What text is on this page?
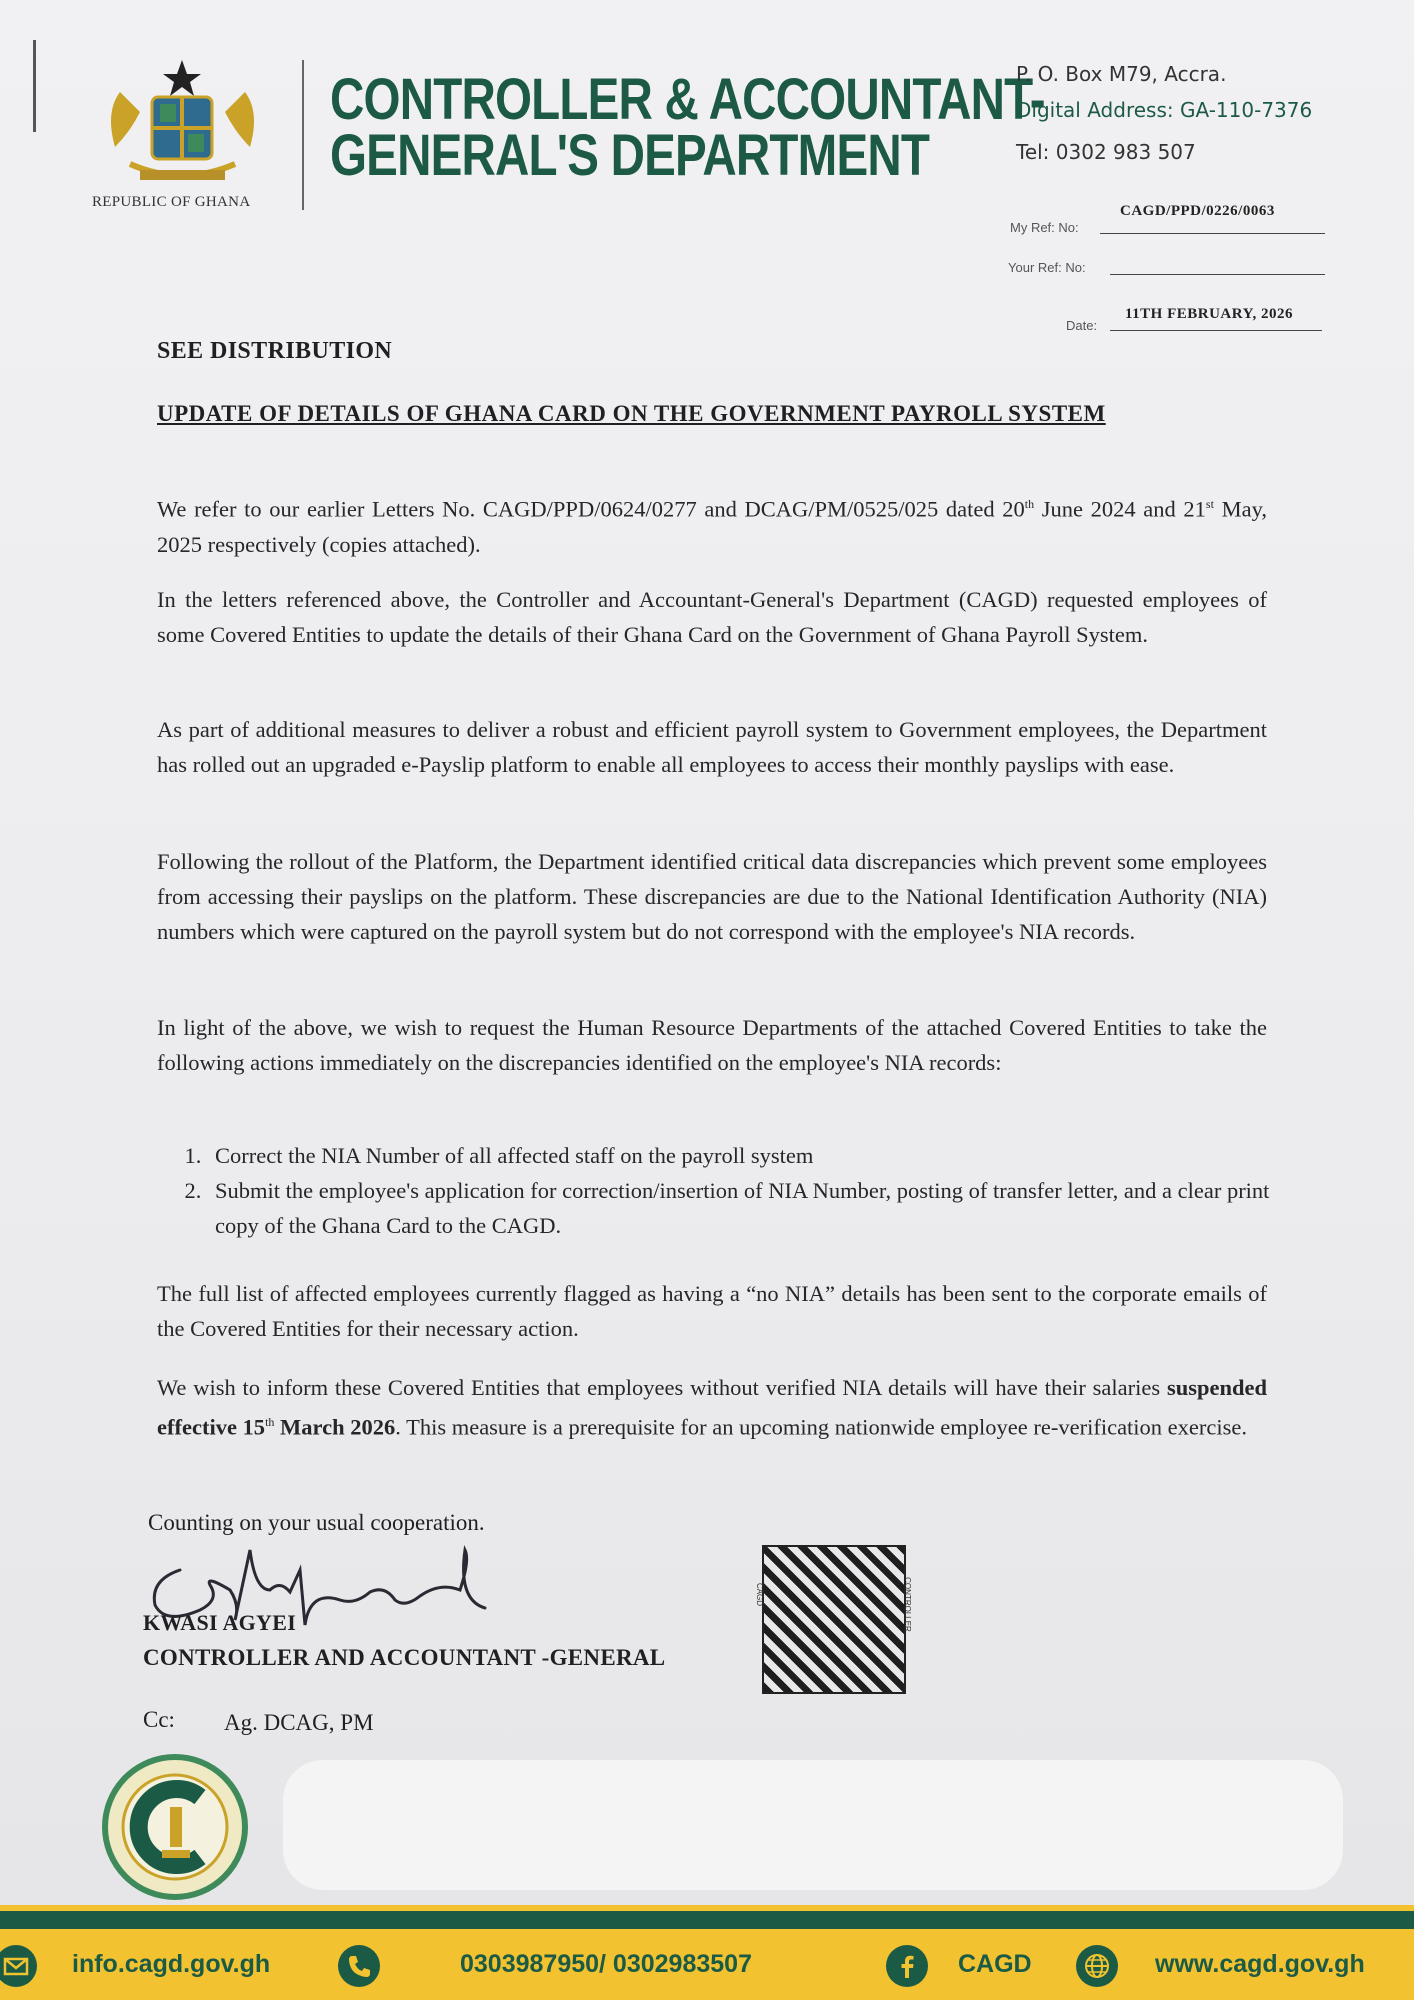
REPUBLIC OF GHANA
CONTROLLER & ACCOUNTANT-
GENERAL'S DEPARTMENT
P. O. Box M79, Accra.
Digital Address: GA-110-7376
Tel: 0302 983 507
My Ref: No:
CAGD/PPD/0226/0063
Your Ref: No:
Date:
11TH FEBRUARY, 2026
SEE DISTRIBUTION
UPDATE OF DETAILS OF GHANA CARD ON THE GOVERNMENT PAYROLL SYSTEM
We refer to our earlier Letters No. CAGD/PPD/0624/0277 and DCAG/PM/0525/025 dated 20th June 2024 and 21st May, 2025 respectively (copies attached).
In the letters referenced above, the Controller and Accountant-General's Department (CAGD) requested employees of some Covered Entities to update the details of their Ghana Card on the Government of Ghana Payroll System.
As part of additional measures to deliver a robust and efficient payroll system to Government employees, the Department has rolled out an upgraded e-Payslip platform to enable all employees to access their monthly payslips with ease.
Following the rollout of the Platform, the Department identified critical data discrepancies which prevent some employees from accessing their payslips on the platform. These discrepancies are due to the National Identification Authority (NIA) numbers which were captured on the payroll system but do not correspond with the employee's NIA records.
In light of the above, we wish to request the Human Resource Departments of the attached Covered Entities to take the following actions immediately on the discrepancies identified on the employee's NIA records:
1. Correct the NIA Number of all affected staff on the payroll system
2. Submit the employee's application for correction/insertion of NIA Number, posting of transfer letter, and a clear print copy of the Ghana Card to the CAGD.
The full list of affected employees currently flagged as having a “no NIA” details has been sent to the corporate emails of the Covered Entities for their necessary action.
We wish to inform these Covered Entities that employees without verified NIA details will have their salaries suspended effective 15th March 2026. This measure is a prerequisite for an upcoming nationwide employee re-verification exercise.
Counting on your usual cooperation.
KWASI AGYEI
CONTROLLER AND ACCOUNTANT -GENERAL
CAGD	CONTROLLER
Cc: Ag. DCAG, PM
info.cagd.gov.gh	0303987950/ 0302983507	CAGD	www.cagd.gov.gh
